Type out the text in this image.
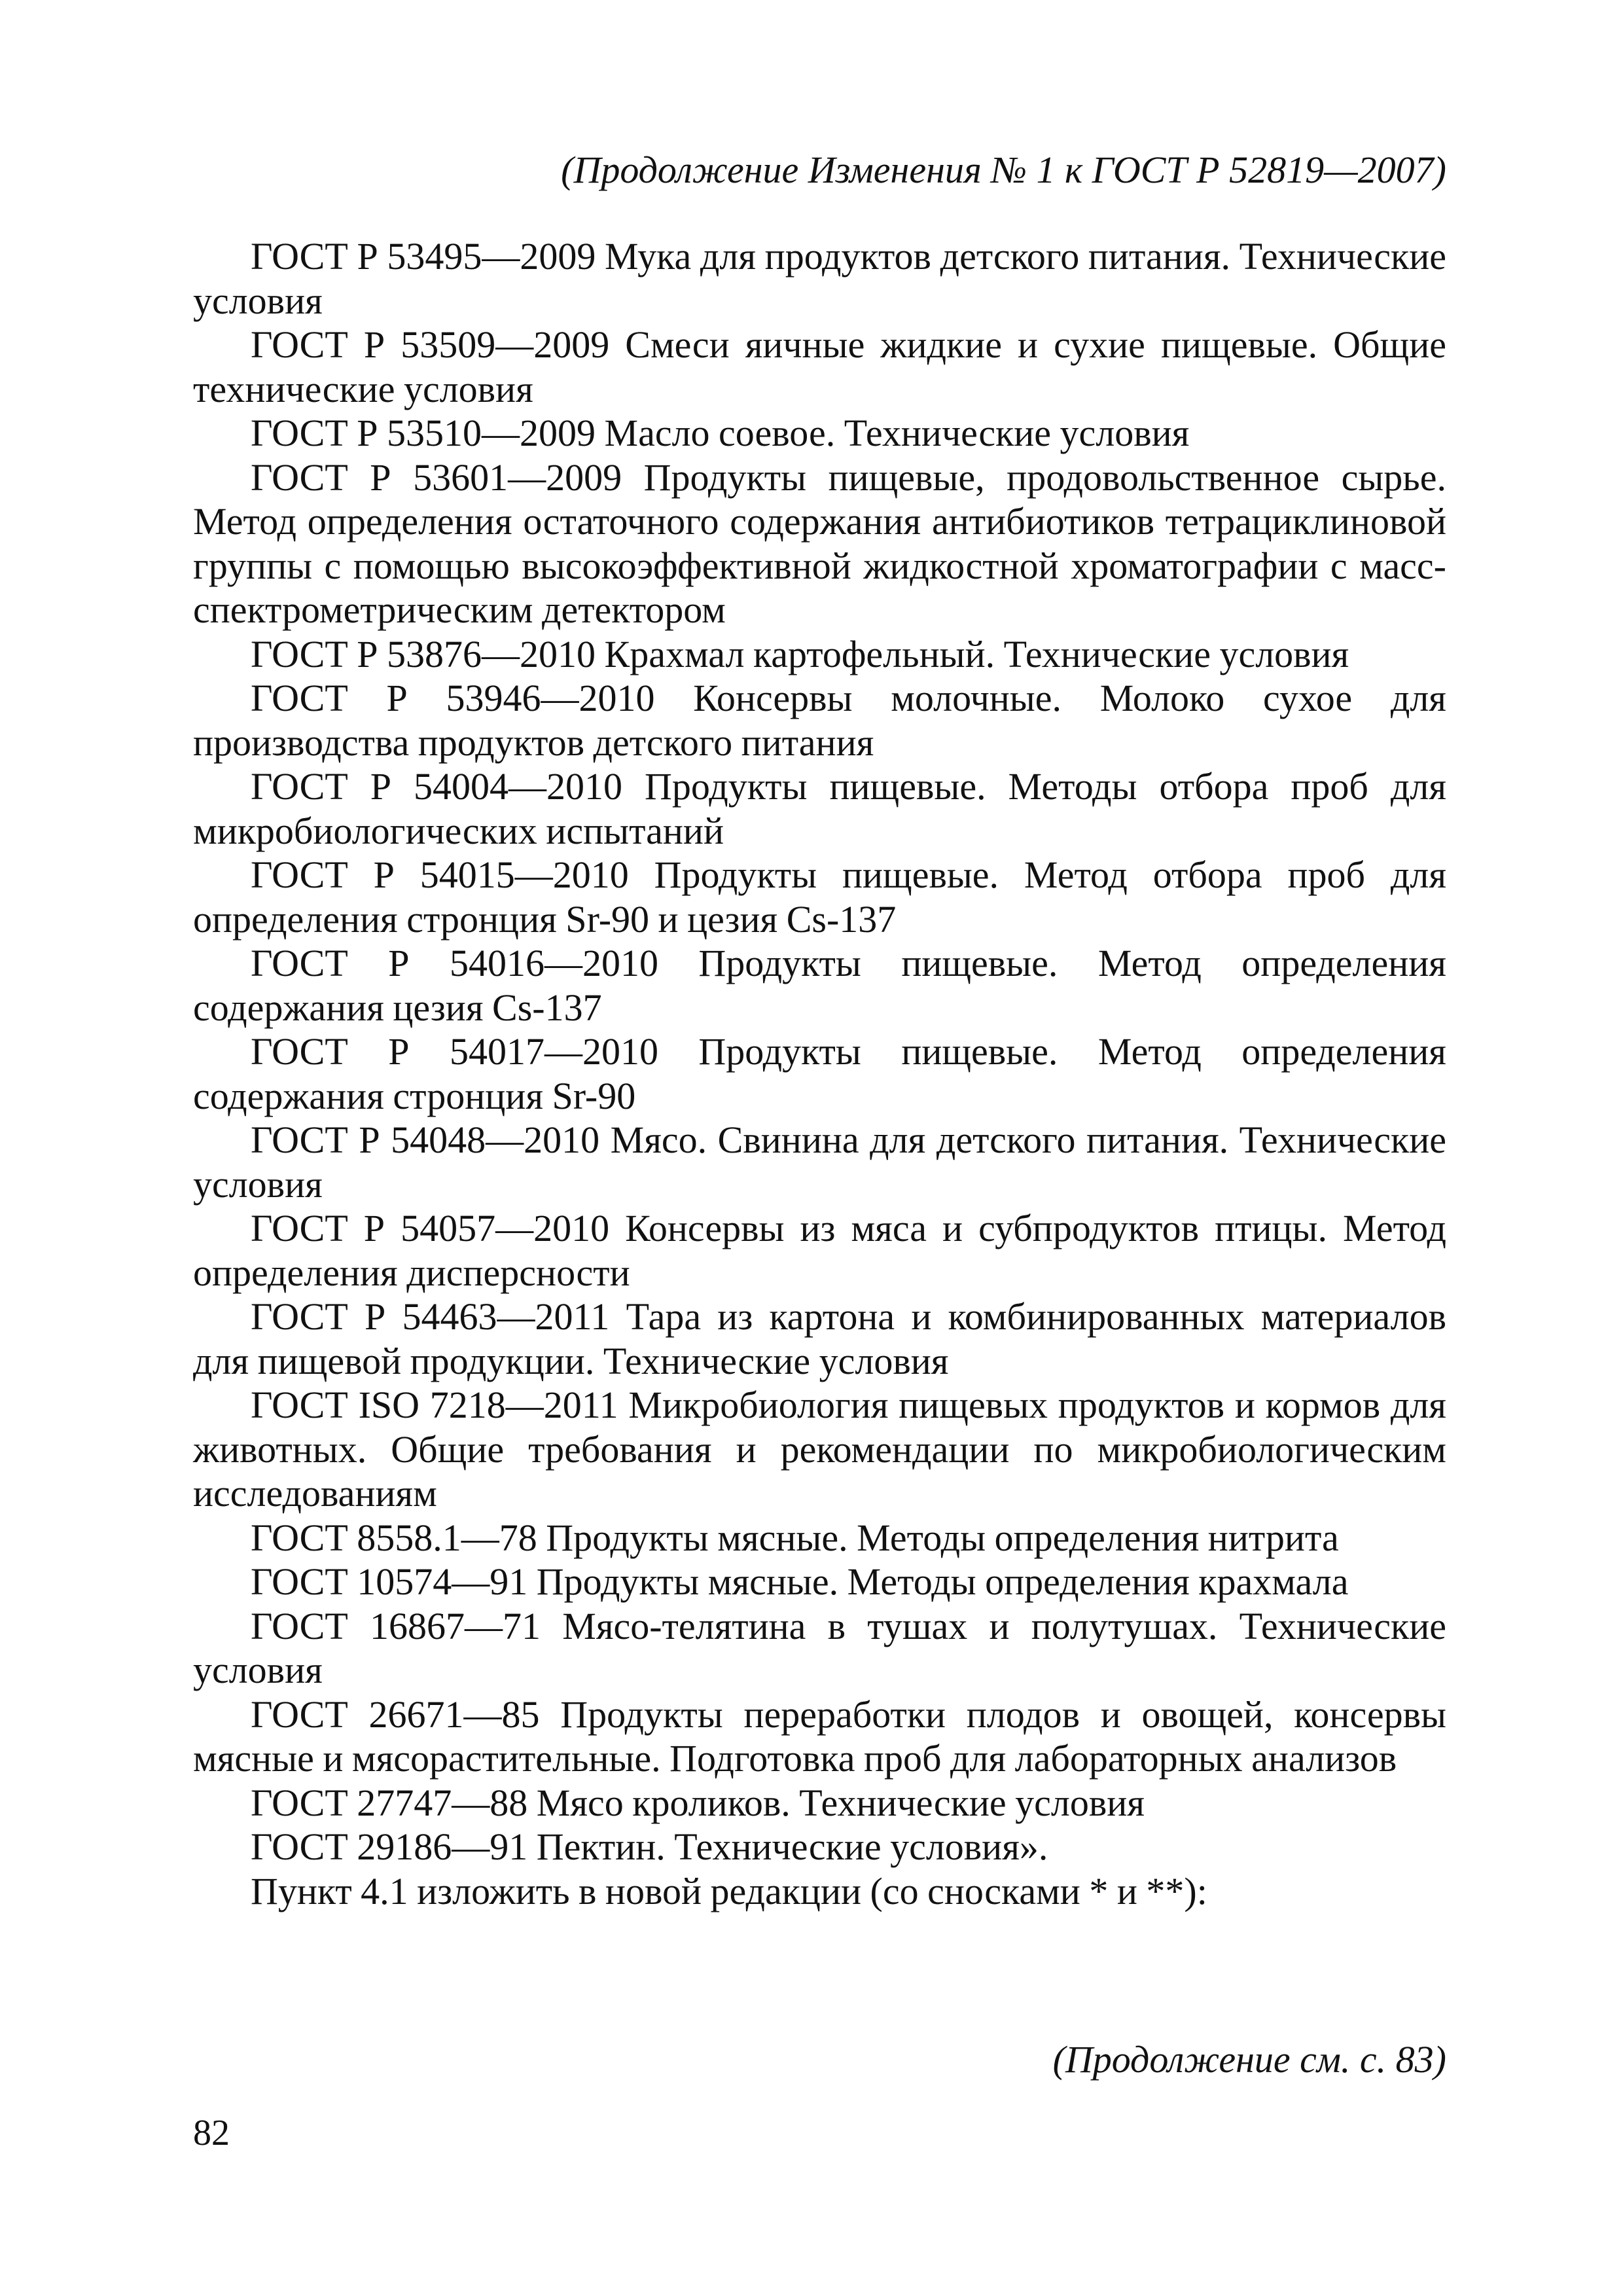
(Продолжение Изменения № 1 к ГОСТ Р 52819—2007)

ГОСТ Р 53495—2009 Мука для продуктов детского питания. Технические условия

ГОСТ Р 53509—2009 Смеси яичные жидкие и сухие пищевые. Общие технические условия

ГОСТ Р 53510—2009 Масло соевое. Технические условия

ГОСТ Р 53601—2009 Продукты пищевые, продовольственное сырье. Метод определения остаточного содержания антибиотиков тетрациклиновой группы с помощью высокоэффективной жидкостной хроматографии с масс-спектрометрическим детектором

ГОСТ Р 53876—2010 Крахмал картофельный. Технические условия

ГОСТ Р 53946—2010 Консервы молочные. Молоко сухое для производства продуктов детского питания

ГОСТ Р 54004—2010 Продукты пищевые. Методы отбора проб для микробиологических испытаний

ГОСТ Р 54015—2010 Продукты пищевые. Метод отбора проб для определения стронция Sr-90 и цезия Cs-137

ГОСТ Р 54016—2010 Продукты пищевые. Метод определения содержания цезия Cs-137

ГОСТ Р 54017—2010 Продукты пищевые. Метод определения содержания стронция Sr-90

ГОСТ Р 54048—2010 Мясо. Свинина для детского питания. Технические условия

ГОСТ Р 54057—2010 Консервы из мяса и субпродуктов птицы. Метод определения дисперсности

ГОСТ Р 54463—2011 Тара из картона и комбинированных материалов для пищевой продукции. Технические условия

ГОСТ ISO 7218—2011 Микробиология пищевых продуктов и кормов для животных. Общие требования и рекомендации по микробиологическим исследованиям

ГОСТ 8558.1—78 Продукты мясные. Методы определения нитрита

ГОСТ 10574—91 Продукты мясные. Методы определения крахмала

ГОСТ 16867—71 Мясо-телятина в тушах и полутушах. Технические условия

ГОСТ 26671—85 Продукты переработки плодов и овощей, консервы мясные и мясорастительные. Подготовка проб для лабораторных анализов

ГОСТ 27747—88 Мясо кроликов. Технические условия

ГОСТ 29186—91 Пектин. Технические условия».

Пункт 4.1 изложить в новой редакции (со сносками * и **):

(Продолжение см. с. 83)
82
